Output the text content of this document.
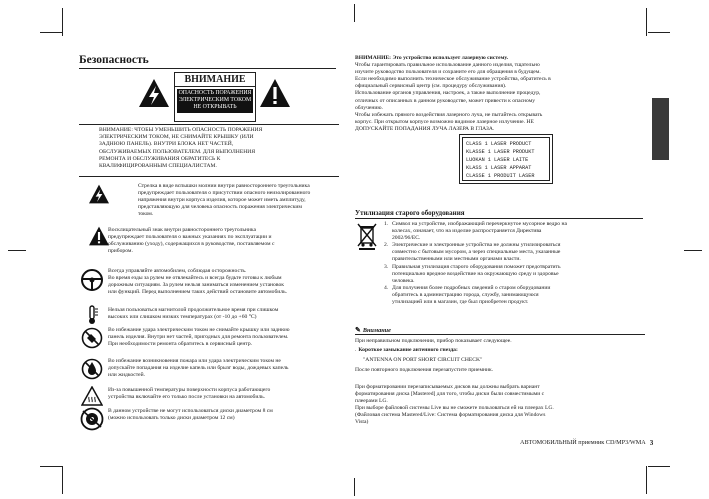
Безопасность
ВНИМАНИЕ
ОПАСНОСТЬ ПОРАЖЕНИЯ
ЭЛЕКТРИЧЕСКИМ ТОКОМ
НЕ ОТКРЫВАТЬ
ВНИМАНИЕ: ЧТОБЫ УМЕНЬШИТЬ ОПАСНОСТЬ ПОРАЖЕНИЯ
ЭЛЕКТРИЧЕСКИМ ТОКОМ, НЕ СНИМАЙТЕ КРЫШКУ (ИЛИ
ЗАДНЮЮ ПАНЕЛЬ). ВНУТРИ БЛОКА НЕТ ЧАСТЕЙ,
ОБСЛУЖИВАЕМЫХ ПОЛЬЗОВАТЕЛЕМ. ДЛЯ ВЫПОЛНЕНИЯ
РЕМОНТА И ОБСЛУЖИВАНИЯ ОБРАТИТЕСЬ К
КВАЛИФИЦИРОВАННЫМ СПЕЦИАЛИСТАМ.
Стрелка в виде вспышки молнии внутри равностороннего треугольника
предупреждает пользователя о присутствии опасного неизолированного
напряжения внутри корпуса изделия, которое может иметь амплитуду,
представляющую для человека опасность поражения электрическим
током.
Восклицательный знак внутри равностороннего треугольника
предупреждает пользователя о важных указаниях по эксплуатации и
обслуживанию (уходу), содержащихся в руководстве, поставляемом с
прибором.
Всегда управляйте автомобилем, соблюдая осторожность.
Во время езды за рулем не отвлекайтесь и всегда будьте готовы к любым
дорожным ситуациям. За рулем нельзя заниматься изменением установок
или функций. Перед выполнением таких действий остановите автомобиль.
Нельзя пользоваться магнитолой продолжительное время при слишком
высоких или слишком низких температурах (от -10 до +60 °С)
Во избежание удара электрическим током не снимайте крышку или заднюю
панель изделия. Внутри нет частей, пригодных для ремонта пользователем.
При необходимости ремонта обратитесь в сервисный центр.
Во избежание возникновения пожара или удара электрическим током не
допускайте попадания на изделие капель или брызг воды, дождевых капель
или жидкостей.
Из-за повышенной температуры поверхности корпуса работающего
устройства включайте его только после установки на автомобиль.
В данном устройстве не могут использоваться диски диаметром 8 см
(можно использовать только диски диаметром 12 см)
ВНИМАНИЕ: Это устройство использует лазерную систему.
Чтобы гарантировать правильное использование данного изделия, тщательно
изучите руководство пользователя и сохраните его для обращения в будущем.
Если необходимо выполнить техническое обслуживание устройства, обратитесь в
официальный сервисный центр (см. процедуру обслуживания).
Использование органов управления, настроек, а также выполнение процедур,
отличных от описанных в данном руководстве, может привести к опасному
облучению.
Чтобы избежать прямого воздействия лазерного луча, не пытайтесь открывать
корпус. При открытом корпусе возможно видимое лазерное излучение. НЕ
ДОПУСКАЙТЕ ПОПАДАНИЯ ЛУЧА ЛАЗЕРА В ГЛАЗА.
CLASS 1 LASER PRODUCT
KLASSE 1 LASER PRODUKT
LUOKAN 1 LASER LAITE
KLASS 1 LASER APPARAT
CLASSE 1 PRODUIT LASER
Утилизация старого оборудования
1. Символ на устройстве, изображающий перечеркнутое мусорное ведро на
колесах, означает, что на изделие распространяется Директива
2002/96/EC.
2. Электрические и электронные устройства не должны утилизироваться
совместно с бытовым мусором, а через специальные места, указанные
правительственными или местными органами власти.
3. Правильная утилизация старого оборудования поможет предотвратить
потенциально вредное воздействие на окружающую среду и здоровье
человека.
4. Для получения более подробных сведений о старом оборудовании
обратитесь в администрацию города, службу, занимающуюся
утилизацией или в магазин, где был приобретен продукт.
✎ Внимание
При неправильном подключении, прибор показывает следующее.
. Короткое замыкание антенного гнезда:
"ANTENNA ON PORT SHORT CIRCUIT CHECK"
После повторного подключения перезапустите приемник.
При форматировании перезаписываемых дисков вы должны выбрать вариант
форматирования диска [Mastered] для того, чтобы диски были совместимыми с
плеерами LG.
При выборе файловой системы Live вы не сможете пользоваться ей на плеерах LG.
(Файловая система Mastered/Live: Система форматирования диска для Windows
Vista)
АВТОМОБИЛЬНЫЙ приемник CD/MP3/WMA 3
